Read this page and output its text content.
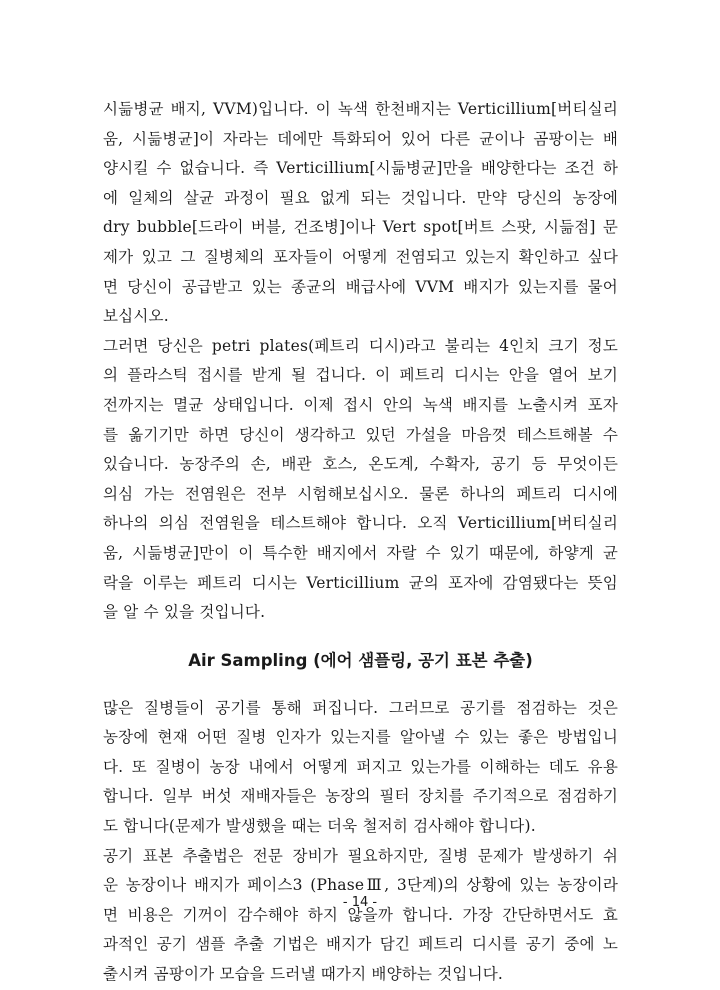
시듦병균 배지, VVM)입니다. 이 녹색 한천배지는 Verticillium[버티실리
움, 시듦병균]이 자라는 데에만 특화되어 있어 다른 균이나 곰팡이는 배
양시킬 수 없습니다. 즉 Verticillium[시듦병균]만을 배양한다는 조건 하
에 일체의 살균 과정이 필요 없게 되는 것입니다. 만약 당신의 농장에
dry bubble[드라이 버블, 건조병]이나 Vert spot[버트 스팟, 시듦점] 문
제가 있고 그 질병체의 포자들이 어떻게 전염되고 있는지 확인하고 싶다
면 당신이 공급받고 있는 종균의 배급사에 VVM 배지가 있는지를 물어
보십시오.

그러면 당신은 petri plates(페트리 디시)라고 불리는 4인치 크기 정도
의 플라스틱 접시를 받게 될 겁니다. 이 페트리 디시는 안을 열어 보기
전까지는 멸균 상태입니다. 이제 접시 안의 녹색 배지를 노출시켜 포자
를 옮기기만 하면 당신이 생각하고 있던 가설을 마음껏 테스트해볼 수
있습니다. 농장주의 손, 배관 호스, 온도계, 수확자, 공기 등 무엇이든
의심 가는 전염원은 전부 시험해보십시오. 물론 하나의 페트리 디시에
하나의 의심 전염원을 테스트해야 합니다. 오직 Verticillium[버티실리
움, 시듦병균]만이 이 특수한 배지에서 자랄 수 있기 때문에, 하얗게 균
락을 이루는 페트리 디시는 Verticillium 균의 포자에 감염됐다는 뜻임
을 알 수 있을 것입니다.

Air Sampling (에어 샘플링, 공기 표본 추출)

많은 질병들이 공기를 통해 퍼집니다. 그러므로 공기를 점검하는 것은
농장에 현재 어떤 질병 인자가 있는지를 알아낼 수 있는 좋은 방법입니
다. 또 질병이 농장 내에서 어떻게 퍼지고 있는가를 이해하는 데도 유용
합니다. 일부 버섯 재배자들은 농장의 필터 장치를 주기적으로 점검하기
도 합니다(문제가 발생했을 때는 더욱 철저히 검사해야 합니다).

공기 표본 추출법은 전문 장비가 필요하지만, 질병 문제가 발생하기 쉬
운 농장이나 배지가 페이스3 (PhaseⅢ, 3단계)의 상황에 있는 농장이라
면 비용은 기꺼이 감수해야 하지 않을까 합니다. 가장 간단하면서도 효
과적인 공기 샘플 추출 기법은 배지가 담긴 페트리 디시를 공기 중에 노
출시켜 곰팡이가 모습을 드러낼 때가지 배양하는 것입니다.

- 14 -
